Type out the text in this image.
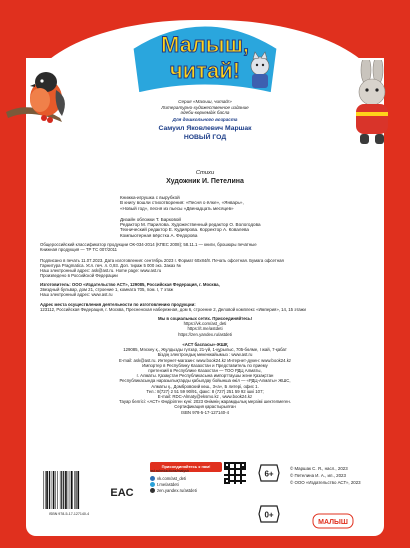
Малыш,
читай!
Серия «Малыш, читай!»
Литературно-художественное издание
әдеби-көркемдік басла
Для дошкольного возраста
Самуил Яковлевич Маршак
НОВЫЙ ГОД
Стихи
Художник И. Петелина
Книжка-игрушка с вырубкой
В книгу вошли стихотворения: «Песня о ёлке», «Январь»,
«Новый год», песня из пьесы «Двенадцать месяцев»

Дизайн обложки Т. Барковой
Редактор М. Парилова. Художественный редактор О. Вологодова
Технический редактор Е. Кудиярова. Корректор А. Ковалева
Компьютерная вёрстка А. Федорова
Общероссийский классификатор продукции ОК-034-2014 (КПЕС 2008); 58.11.1 — книги, брошюры печатные
Книжная продукция — ТР ТС 007/2011

Подписано в печать 11.07.2023. Дата изготовления: сентябрь 2023 г. Формат 60х84/8. Печать офсетная. Бумага офсетная
Гарнитура Pragmatica. Усл. печ. л. 0,93. Доп. тираж 5 000 экз. Заказ №
Наш электронный адрес: ask@ast.ru. Home page: www.ast.ru
Произведено в Российской Федерации
Изготовитель: ООО «Издательство АСТ», 129085, Российская Федерация, г. Москва,
Звездный бульвар, дом 21, строение 1, комната 705, пом. I, 7 этаж
Наш электронный адрес: www.ast.ru
Адрес места осуществления деятельности по изготовлению продукции:
123112, Российская Федерация, г. Москва, Пресненская набережная, дом 6, строение 2, Деловой комплекс «Империя», 14, 15 этажи
Мы в социальных сетях. Присоединяйтесь!
https://vk.com/ast_deti
https://t.me/astdeti
https://zen.yandex.ru/astdeti
«АСТ баспасы»-ЖШҚ
129085, Мәскеу қ., Жұлдызды гүлзар, 21-үй, 1-құрылыс, 705-бөлме, I жай, 7-қабат
Біздің электрондық мекенжайымыз : www.ast.ru
E-mail: ask@ast.ru. Интернет-магазин: www.book24.kz Интернет-дүкен: www.book24.kz
Импортер в Республику Казахстан и Представитель по приему
претензий в Республике Казахстан — ТОО РДЦ Алматы,
г. Алматы. Қазақстан Республикасына импорттаушы және Қазақстан
Республикасында наразылықтарды қабылдау бойынша өкіл — «РДЦ-Алматы» ЖШС,
Алматы қ., Домбровский көш., 3«а», Б литері, офис 1.
Тел.: 8(727) 2 51 59 90/91, факс: 8 (727) 251 59 92 ішкі 107;
E-mail: RDC-Almaty@eksmo.kz , www.book24.kz
Тауар белгісі: «АСТ» Өндірілген күні: 2023 Өнімнің жарамдылық мерзімі шектелмеген.
Сертификация қарастырылған
ISBN 978-5-17-127140-4
ISBN 978-5-17-127140-4
EAC
Присоединяйтесь к нам!
vk.com/ast_deti
t.me/astdeti
zen.yandex.ru/astdeti
ast.ru/redactions/malysh	6+
0+
© Маршак С. Я., насл., 2023
© Петелина И. А., ил., 2023
© ООО «Издательство АСТ», 2023
МАЛЫШ
